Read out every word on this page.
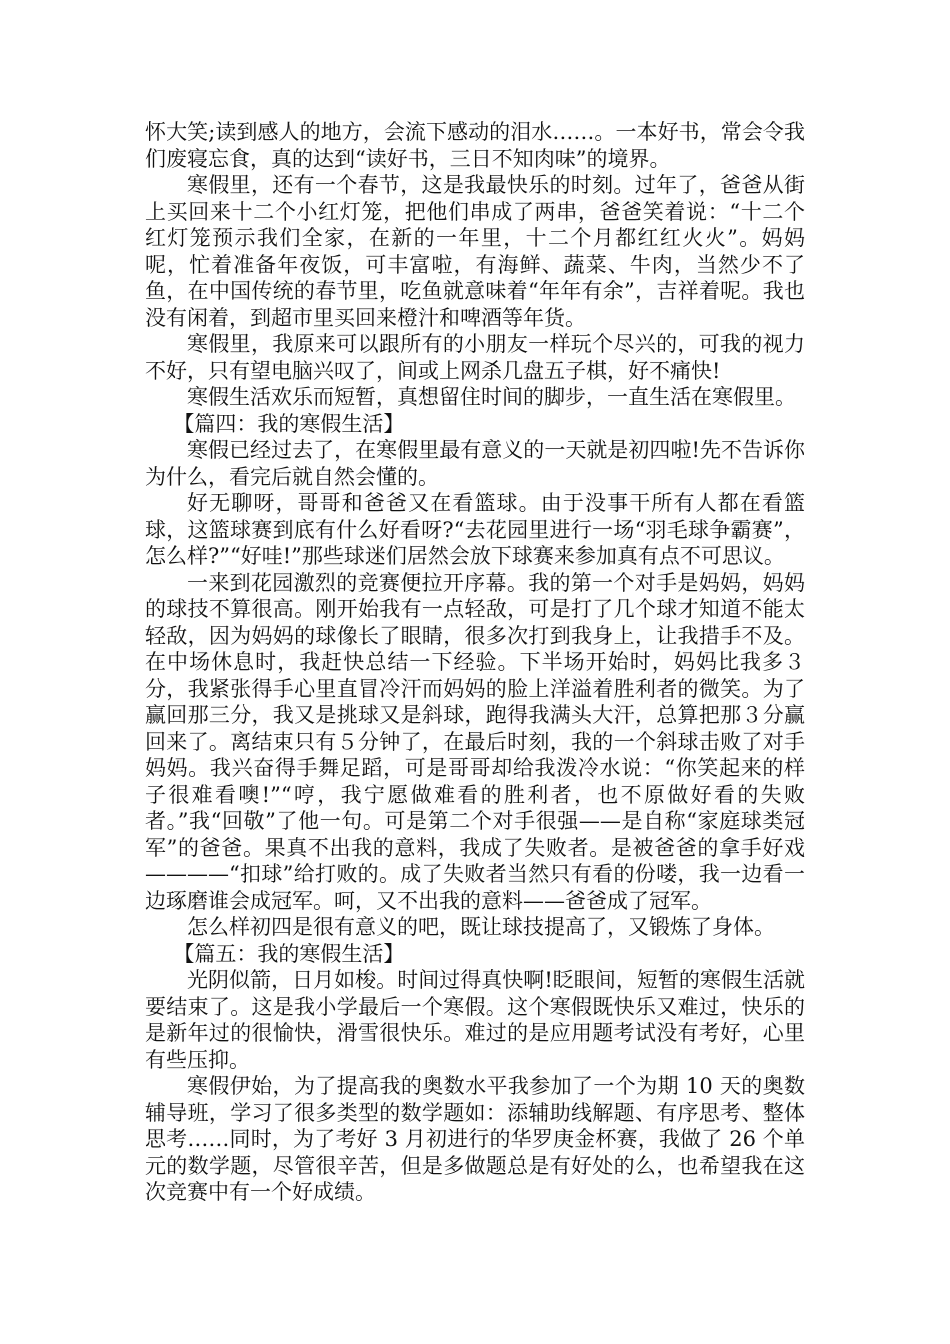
怀大笑;读到感人的地方，会流下感动的泪水……。一本好书，常会令我们废寝忘食，真的达到“读好书，三日不知肉味”的境界。

寒假里，还有一个春节，这是我最快乐的时刻。过年了，爸爸从街上买回来十二个小红灯笼，把他们串成了两串，爸爸笑着说：“十二个红灯笼预示我们全家，在新的一年里，十二个月都红红火火”。妈妈呢，忙着准备年夜饭，可丰富啦，有海鲜、蔬菜、牛肉，当然少不了鱼，在中国传统的春节里，吃鱼就意味着“年年有余”，吉祥着呢。我也没有闲着，到超市里买回来橙汁和啤酒等年货。

寒假里，我原来可以跟所有的小朋友一样玩个尽兴的，可我的视力不好，只有望电脑兴叹了，间或上网杀几盘五子棋，好不痛快!

寒假生活欢乐而短暂，真想留住时间的脚步，一直生活在寒假里。

【篇四：我的寒假生活】

寒假已经过去了，在寒假里最有意义的一天就是初四啦!先不告诉你为什么，看完后就自然会懂的。

好无聊呀，哥哥和爸爸又在看篮球。由于没事干所有人都在看篮球，这篮球赛到底有什么好看呀?“去花园里进行一场“羽毛球争霸赛”，怎么样?”“好哇!”那些球迷们居然会放下球赛来参加真有点不可思议。

一来到花园激烈的竞赛便拉开序幕。我的第一个对手是妈妈，妈妈的球技不算很高。刚开始我有一点轻敌，可是打了几个球才知道不能太轻敌，因为妈妈的球像长了眼睛，很多次打到我身上，让我措手不及。在中场休息时，我赶快总结一下经验。下半场开始时，妈妈比我多３分，我紧张得手心里直冒冷汗而妈妈的脸上洋溢着胜利者的微笑。为了赢回那三分，我又是挑球又是斜球，跑得我满头大汗，总算把那３分赢回来了。离结束只有５分钟了，在最后时刻，我的一个斜球击败了对手妈妈。我兴奋得手舞足蹈，可是哥哥却给我泼冷水说：“你笑起来的样子很难看噢!”“哼，我宁愿做难看的胜利者，也不原做好看的失败者。”我“回敬”了他一句。可是第二个对手很强——是自称“家庭球类冠军”的爸爸。果真不出我的意料，我成了失败者。是被爸爸的拿手好戏————“扣球”给打败的。成了失败者当然只有看的份喽，我一边看一边琢磨谁会成冠军。呵，又不出我的意料——爸爸成了冠军。

怎么样初四是很有意义的吧，既让球技提高了，又锻炼了身体。

【篇五：我的寒假生活】

光阴似箭，日月如梭。时间过得真快啊!眨眼间，短暂的寒假生活就要结束了。这是我小学最后一个寒假。这个寒假既快乐又难过，快乐的是新年过的很愉快，滑雪很快乐。难过的是应用题考试没有考好，心里有些压抑。

寒假伊始，为了提高我的奥数水平我参加了一个为期 10 天的奥数辅导班，学习了很多类型的数学题如：添辅助线解题、有序思考、整体思考……同时，为了考好 3 月初进行的华罗庚金杯赛，我做了 26 个单元的数学题，尽管很辛苦，但是多做题总是有好处的么，也希望我在这次竞赛中有一个好成绩。
